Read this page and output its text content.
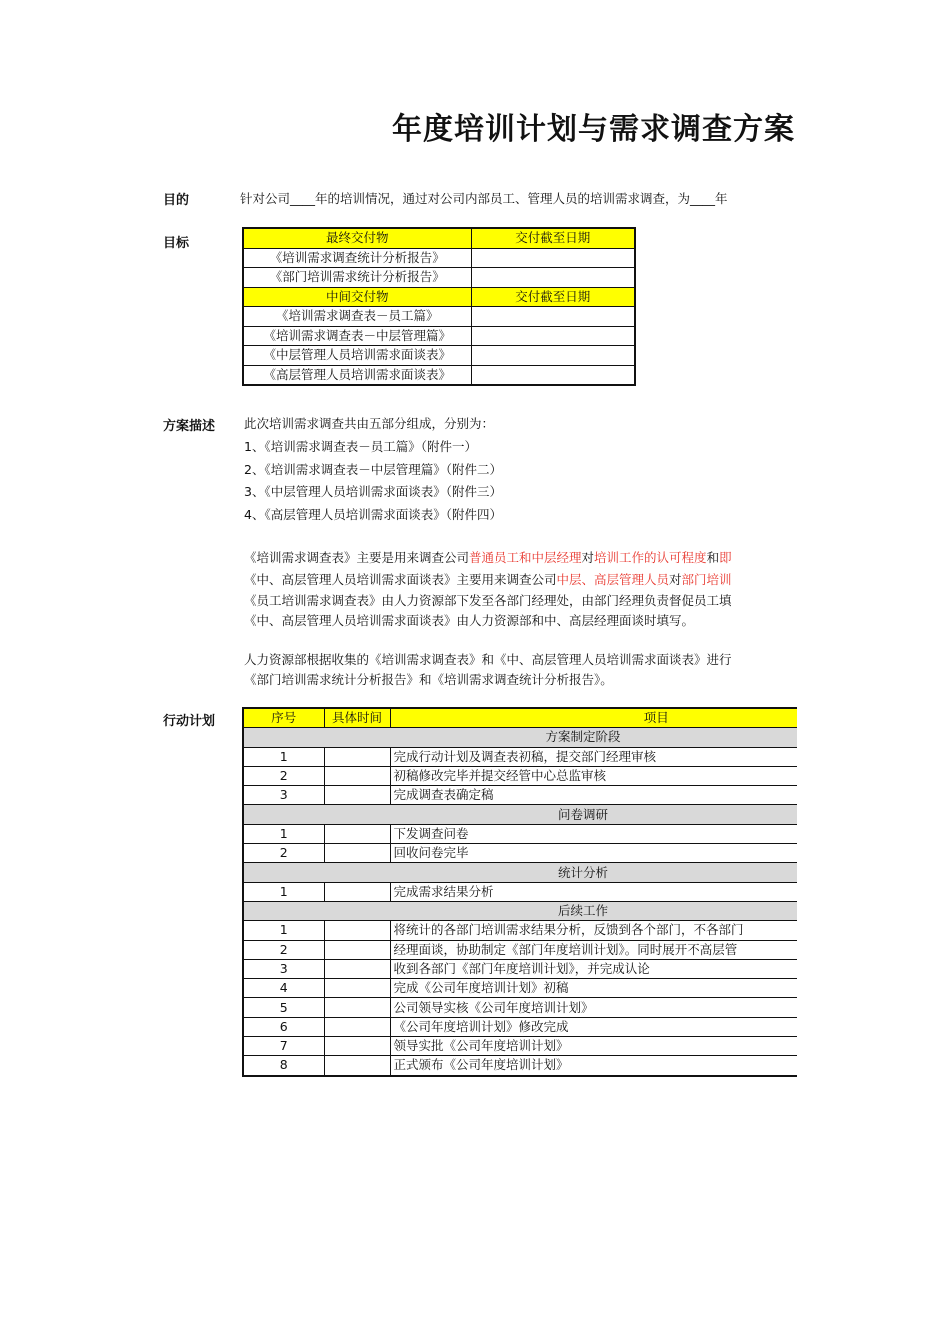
年度培训计划与需求调查方案
目的	针对公司____年的培训情况，通过对公司内部员工、管理人员的培训需求调查，为____年
目标	最终交付物	交付截至日期
《培训需求调查统计分析报告》	
《部门培训需求统计分析报告》	
中间交付物	交付截至日期
《培训需求调查表－员工篇》	
《培训需求调查表－中层管理篇》	
《中层管理人员培训需求面谈表》	
《高层管理人员培训需求面谈表》	
方案描述 此次培训需求调查共由五部分组成，分别为：
1、《培训需求调查表－员工篇》（附件一）
2、《培训需求调查表－中层管理篇》（附件二）
3、《中层管理人员培训需求面谈表》（附件三）
4、《高层管理人员培训需求面谈表》（附件四）
《培训需求调查表》主要是用来调查公司普通员工和中层经理对培训工作的认可程度和即
《中、高层管理人员培训需求面谈表》主要用来调查公司中层、高层管理人员对部门培训
《员工培训需求调查表》由人力资源部下发至各部门经理处，由部门经理负责督促员工填
《中、高层管理人员培训需求面谈表》由人力资源部和中、高层经理面谈时填写。
人力资源部根据收集的《培训需求调查表》和《中、高层管理人员培训需求面谈表》进行
《部门培训需求统计分析报告》和《培训需求调查统计分析报告》。
行动计划	序号	具体时间	项目
方案制定阶段		
1		完成行动计划及调查表初稿，提交部门经理审核
2		初稿修改完毕并提交经管中心总监审核
3		完成调查表确定稿
问卷调研		
1		下发调查问卷
2		回收问卷完毕
统计分析		
1		完成需求结果分析
后续工作		
1		将统计的各部门培训需求结果分析，反馈到各个部门，不各部门
2		经理面谈，协助制定《部门年度培训计划》。同时展开不高层管
3		收到各部门《部门年度培训计划》，并完成认论
4		完成《公司年度培训计划》初稿
5		公司领导实核《公司年度培训计划》
6		《公司年度培训计划》修改完成
7		领导实批《公司年度培训计划》
8		正式颁布《公司年度培训计划》
